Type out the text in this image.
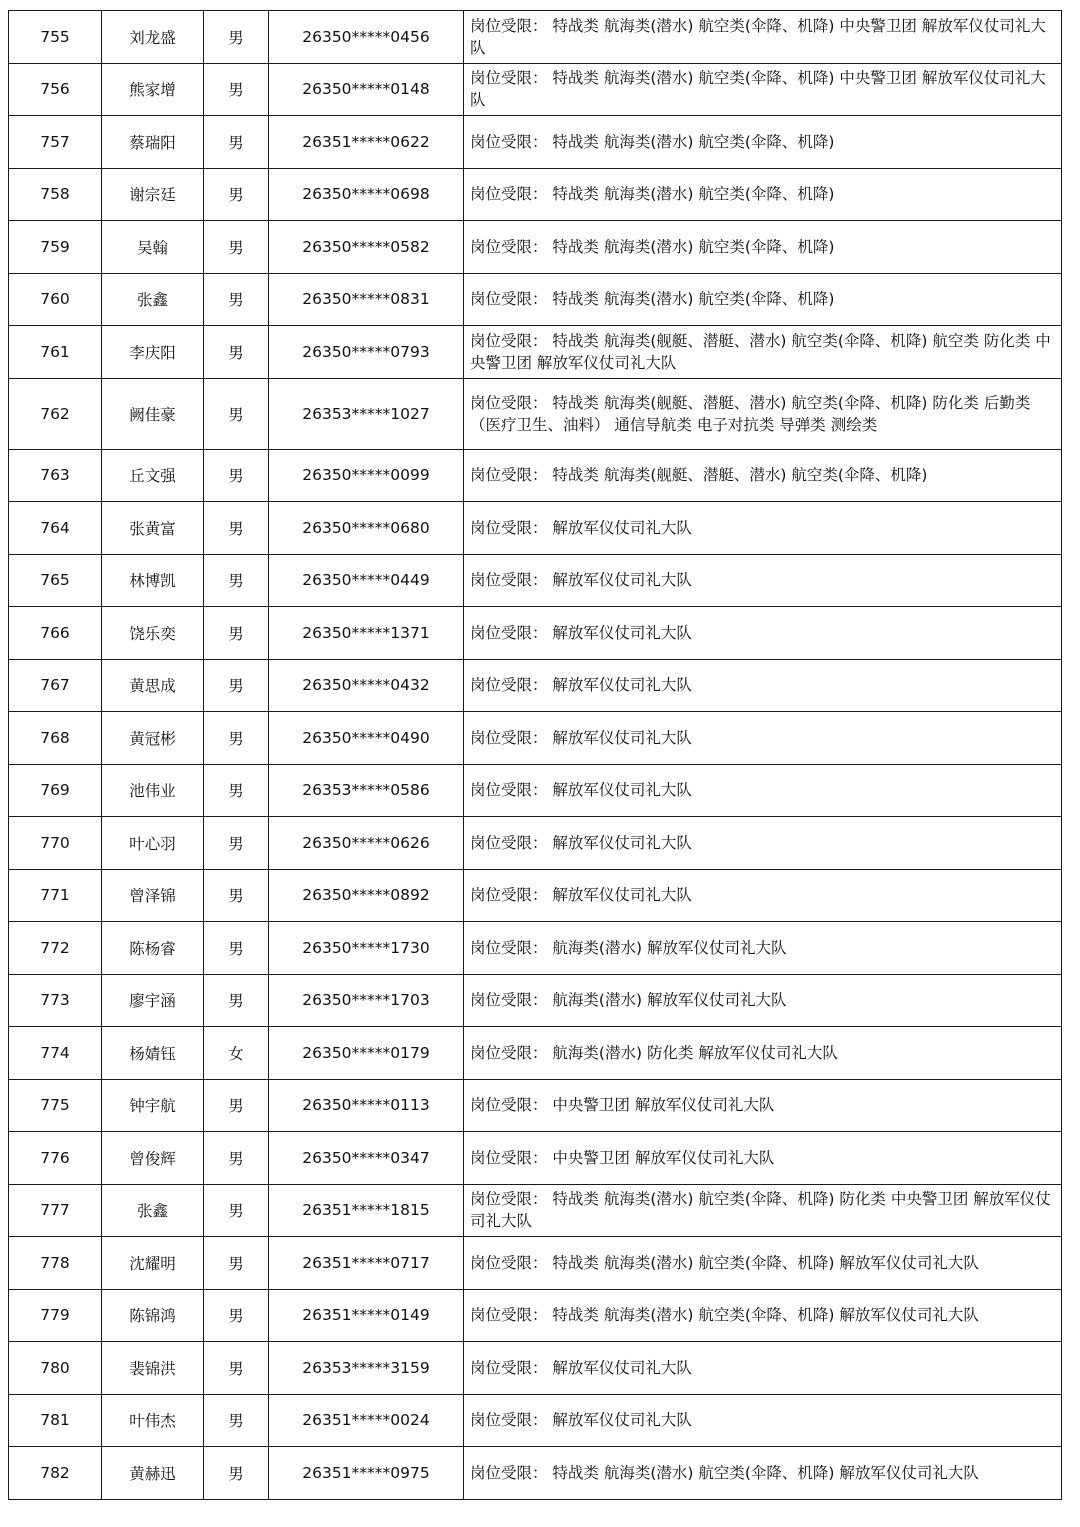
755	刘龙盛	男	26350*****0456	岗位受限： 特战类 航海类(潜水) 航空类(伞降、机降) 中央警卫团 解放军仪仗司礼大队
756	熊家增	男	26350*****0148	岗位受限： 特战类 航海类(潜水) 航空类(伞降、机降) 中央警卫团 解放军仪仗司礼大队
757	蔡瑞阳	男	26351*****0622	岗位受限： 特战类 航海类(潜水) 航空类(伞降、机降)
758	谢宗廷	男	26350*****0698	岗位受限： 特战类 航海类(潜水) 航空类(伞降、机降)
759	吴翰	男	26350*****0582	岗位受限： 特战类 航海类(潜水) 航空类(伞降、机降)
760	张鑫	男	26350*****0831	岗位受限： 特战类 航海类(潜水) 航空类(伞降、机降)
761	李庆阳	男	26350*****0793	岗位受限： 特战类 航海类(舰艇、潜艇、潜水) 航空类(伞降、机降) 航空类 防化类 中央警卫团 解放军仪仗司礼大队
762	阙佳豪	男	26353*****1027	岗位受限： 特战类 航海类(舰艇、潜艇、潜水) 航空类(伞降、机降) 防化类 后勤类（医疗卫生、油料） 通信导航类 电子对抗类 导弹类 测绘类
763	丘文强	男	26350*****0099	岗位受限： 特战类 航海类(舰艇、潜艇、潜水) 航空类(伞降、机降)
764	张黄富	男	26350*****0680	岗位受限： 解放军仪仗司礼大队
765	林博凯	男	26350*****0449	岗位受限： 解放军仪仗司礼大队
766	饶乐奕	男	26350*****1371	岗位受限： 解放军仪仗司礼大队
767	黄思成	男	26350*****0432	岗位受限： 解放军仪仗司礼大队
768	黄冠彬	男	26350*****0490	岗位受限： 解放军仪仗司礼大队
769	池伟业	男	26353*****0586	岗位受限： 解放军仪仗司礼大队
770	叶心羽	男	26350*****0626	岗位受限： 解放军仪仗司礼大队
771	曾泽锦	男	26350*****0892	岗位受限： 解放军仪仗司礼大队
772	陈杨睿	男	26350*****1730	岗位受限： 航海类(潜水) 解放军仪仗司礼大队
773	廖宇涵	男	26350*****1703	岗位受限： 航海类(潜水) 解放军仪仗司礼大队
774	杨婧钰	女	26350*****0179	岗位受限： 航海类(潜水) 防化类 解放军仪仗司礼大队
775	钟宇航	男	26350*****0113	岗位受限： 中央警卫团 解放军仪仗司礼大队
776	曾俊辉	男	26350*****0347	岗位受限： 中央警卫团 解放军仪仗司礼大队
777	张鑫	男	26351*****1815	岗位受限： 特战类 航海类(潜水) 航空类(伞降、机降) 防化类 中央警卫团 解放军仪仗司礼大队
778	沈耀明	男	26351*****0717	岗位受限： 特战类 航海类(潜水) 航空类(伞降、机降) 解放军仪仗司礼大队
779	陈锦鸿	男	26351*****0149	岗位受限： 特战类 航海类(潜水) 航空类(伞降、机降) 解放军仪仗司礼大队
780	裴锦洪	男	26353*****3159	岗位受限： 解放军仪仗司礼大队
781	叶伟杰	男	26351*****0024	岗位受限： 解放军仪仗司礼大队
782	黄赫迅	男	26351*****0975	岗位受限： 特战类 航海类(潜水) 航空类(伞降、机降) 解放军仪仗司礼大队
